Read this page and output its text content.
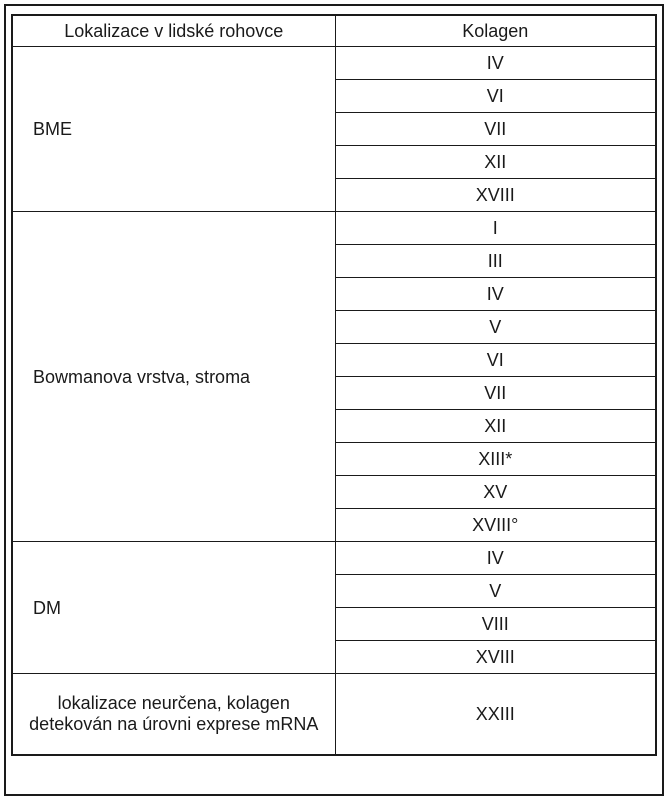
Lokalizace v lidské rohovce	Kolagen
BME	IV
	VI
	VII
	XII
	XVIII
Bowmanova vrstva, stroma	I
	III
	IV
	V
	VI
	VII
	XII
	XIII*
	XV
	XVIII°
DM	IV
	V
	VIII
	XVIII
lokalizace neurčena, kolagen detekován na úrovni exprese mRNA	XXIII
